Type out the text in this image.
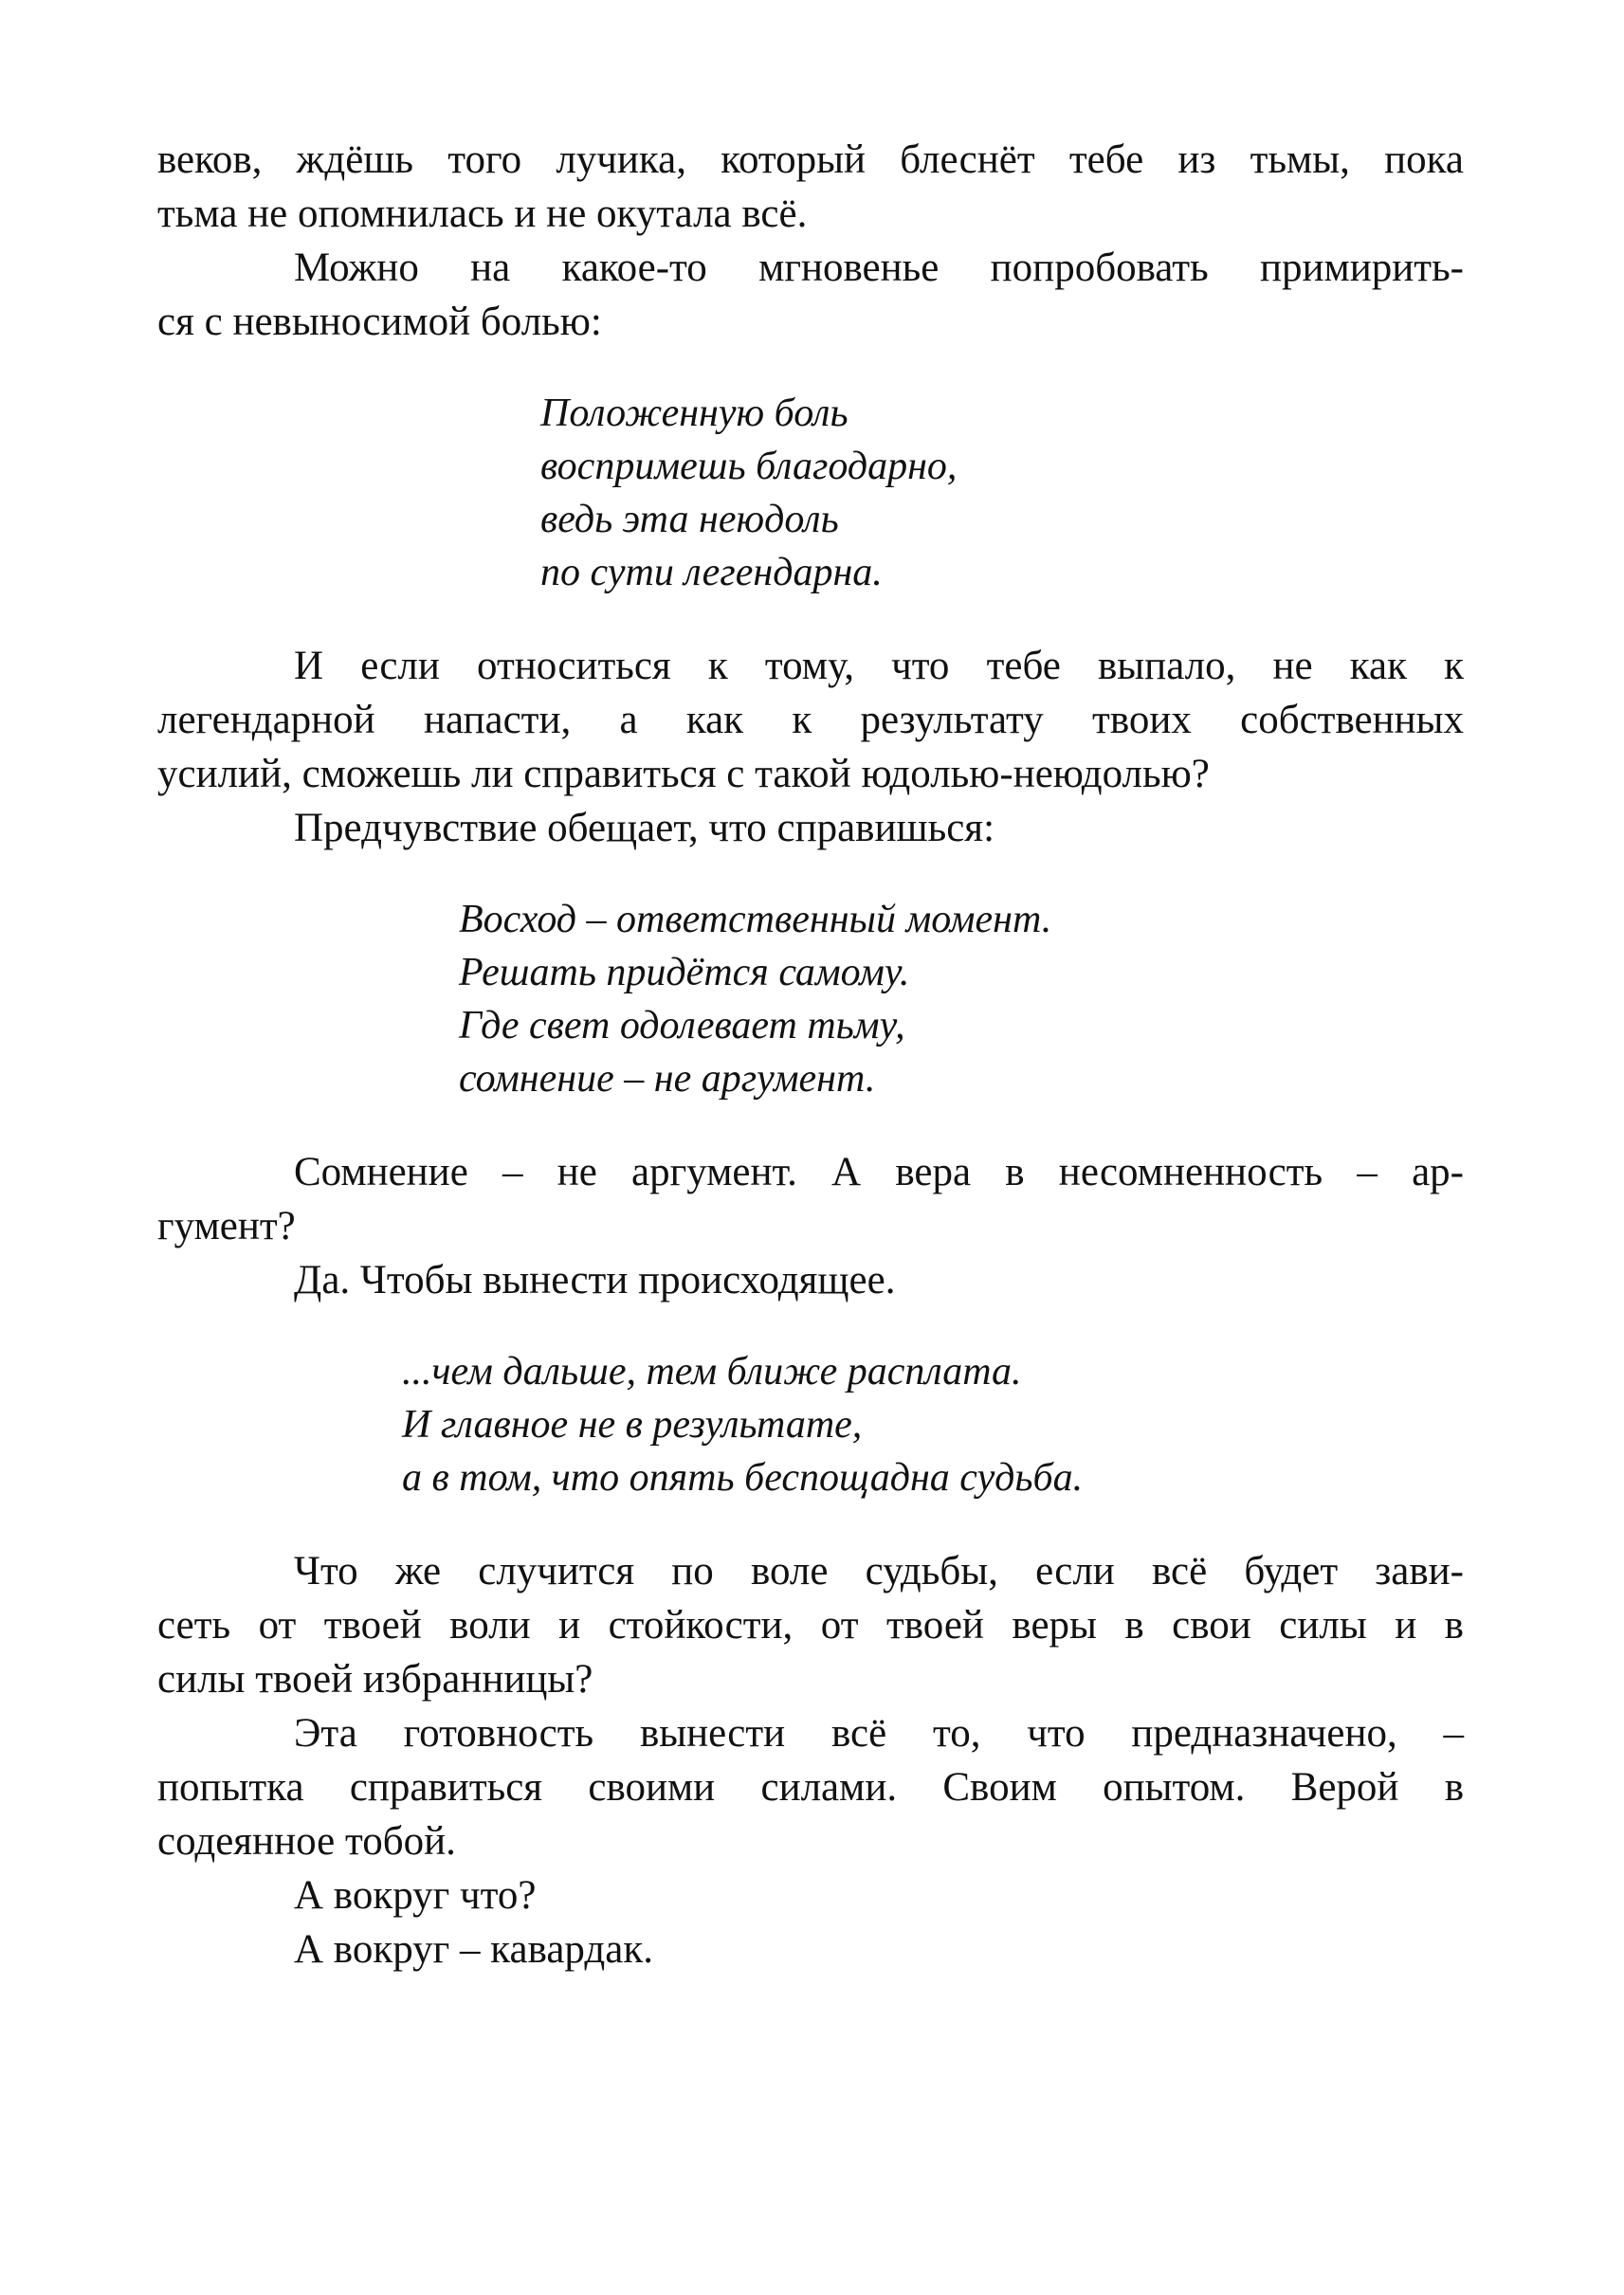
веков, ждёшь того лучика, который блеснёт тебе из тьмы, пока
тьма не опомнилась и не окутала всё.
Можно на какое-то мгновенье попробовать примирить-
ся с невыносимой болью:
Положенную боль
воспримешь благодарно,
ведь эта неюдоль
по сути легендарна.
И если относиться к тому, что тебе выпало, не как к
легендарной напасти, а как к результату твоих собственных
усилий, сможешь ли справиться с такой юдолью-неюдолью?
Предчувствие обещает, что справишься:
Восход – ответственный момент.
Решать придётся самому.
Где свет одолевает тьму,
сомнение – не аргумент.
Сомнение – не аргумент. А вера в несомненность – ар-
гумент?
Да. Чтобы вынести происходящее.
...чем дальше, тем ближе расплата.
И главное не в результате,
а в том, что опять беспощадна судьба.
Что же случится по воле судьбы, если всё будет зави-
сеть от твоей воли и стойкости, от твоей веры в свои силы и в
силы твоей избранницы?
Эта готовность вынести всё то, что предназначено, –
попытка справиться своими силами. Своим опытом. Верой в
содеянное тобой.
А вокруг что?
А вокруг – кавардак.
